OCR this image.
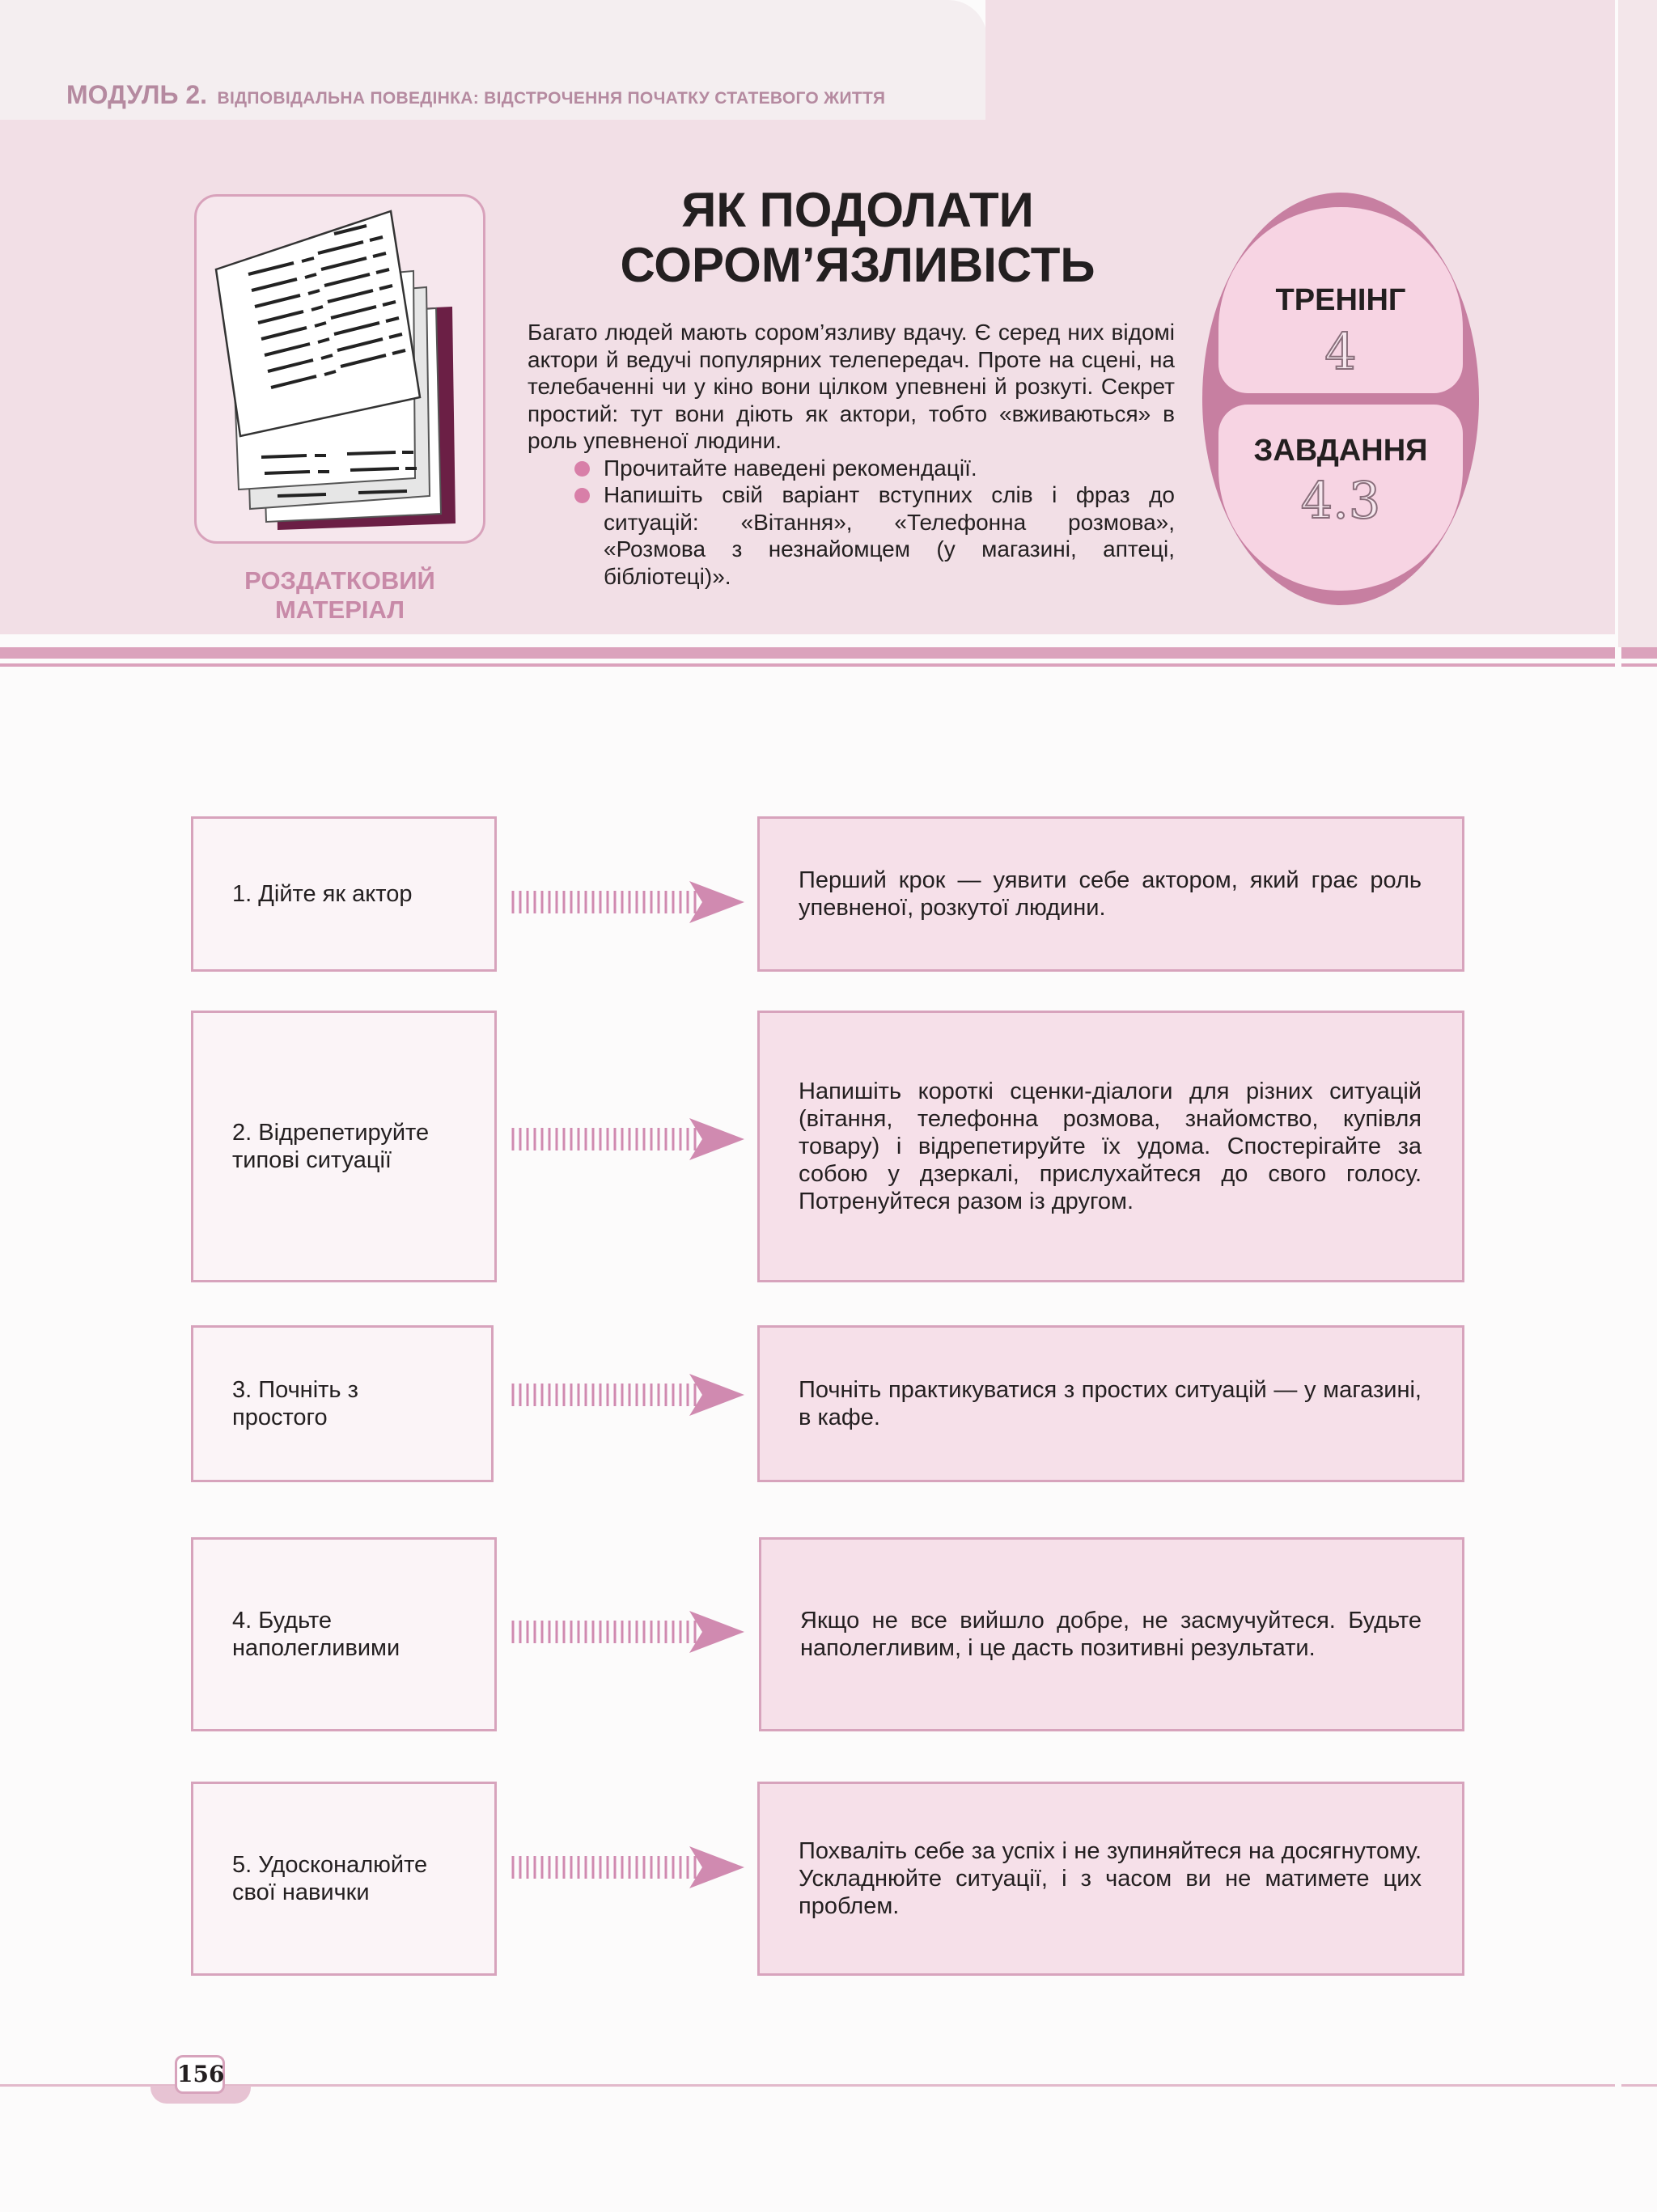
МОДУЛЬ 2. ВІДПОВІДАЛЬНА ПОВЕДІНКА: ВІДСТРОЧЕННЯ ПОЧАТКУ СТАТЕВОГО ЖИТТЯ
РОЗДАТКОВИЙ
МАТЕРІАЛ
ЯК ПОДОЛАТИ
СОРОМ’ЯЗЛИВІСТЬ

Багато людей мають сором’язливу вдачу. Є серед них відомі актори й ведучі популярних телепередач. Проте на сцені, на телебаченні чи у кіно вони цілком упевнені й розкуті. Секрет простий: тут вони діють як актори, тобто «вживаються» в роль упевненої людини.

Прочитайте наведені рекомендації.
Напишіть свій варіант вступних слів і фраз до ситуацій: «Вітання», «Телефонна розмова», «Розмова з незнайомцем (у магазині, аптеці, бібліотеці)».
ТРЕНІНГ
4
ЗАВДАННЯ
4.3
1. Дійте як актор
Перший крок — уявити себе актором, який грає роль упевненої, розкутої людини.
2. Відрепетируйте типові ситуації
Напишіть короткі сценки-діалоги для різних ситуацій (вітання, телефонна розмова, знайомство, купівля товару) і відрепетируйте їх удома. Спостерігайте за собою у дзеркалі, прислухайтеся до свого голосу. Потренуйтеся разом із другом.
3. Почніть з простого
Почніть практикуватися з простих ситуацій — у магазині, в кафе.
4. Будьте наполегливими
Якщо не все вийшло добре, не засмучуйтеся. Будьте наполегливим, і це дасть позитивні результати.
5. Удосконалюйте свої навички
Похваліть себе за успіх і не зупиняйтеся на досягнутому. Ускладнюйте ситуації, і з часом ви не матимете цих проблем.
156
